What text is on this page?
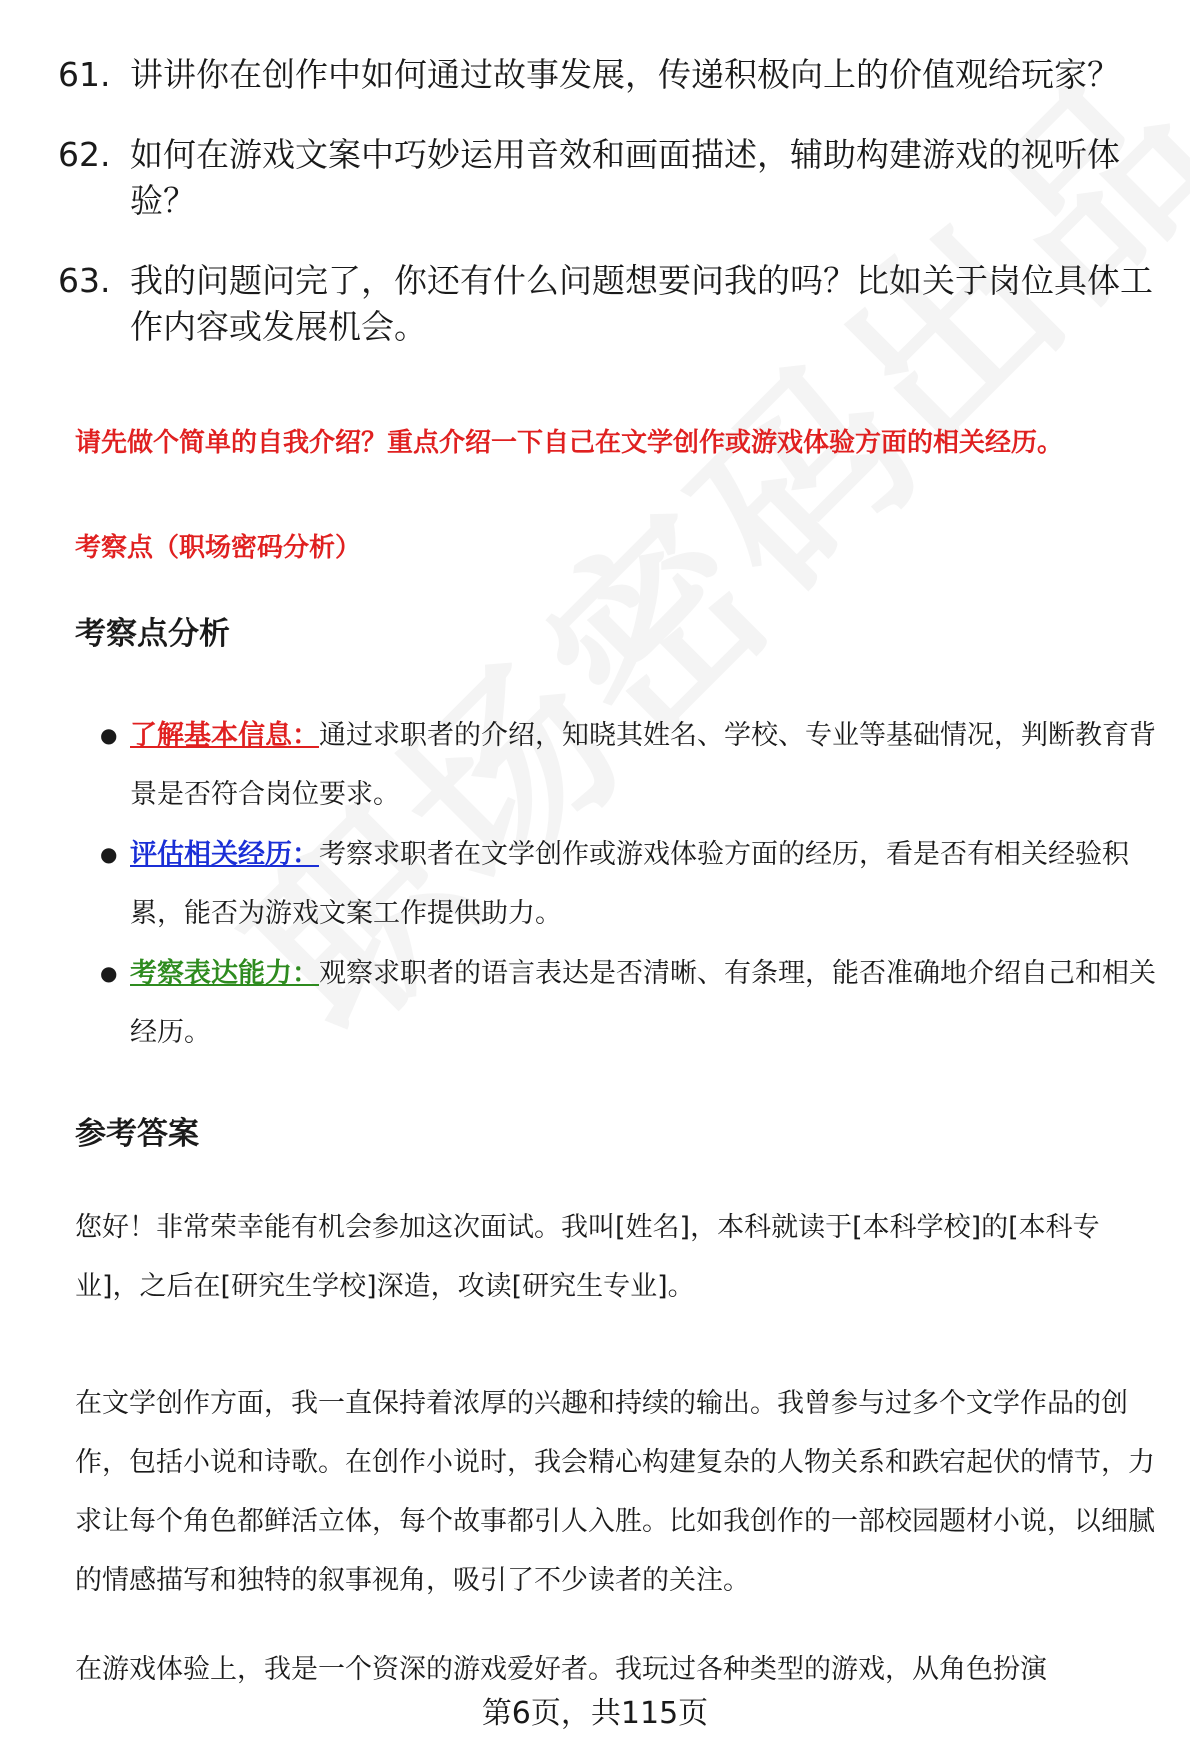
61. 讲讲你在创作中如何通过故事发展，传递积极向上的价值观给玩家？
62. 如何在游戏文案中巧妙运用音效和画面描述，辅助构建游戏的视听体验？
63. 我的问题问完了，你还有什么问题想要问我的吗？比如关于岗位具体工作内容或发展机会。
请先做个简单的自我介绍？重点介绍一下自己在文学创作或游戏体验方面的相关经历。
考察点（职场密码分析）
考察点分析
● 了解基本信息：通过求职者的介绍，知晓其姓名、学校、专业等基础情况，判断教育背景是否符合岗位要求。
● 评估相关经历：考察求职者在文学创作或游戏体验方面的经历，看是否有相关经验积累，能否为游戏文案工作提供助力。
● 考察表达能力：观察求职者的语言表达是否清晰、有条理，能否准确地介绍自己和相关经历。
参考答案

您好！非常荣幸能有机会参加这次面试。我叫[姓名]，本科就读于[本科学校]的[本科专业]，之后在[研究生学校]深造，攻读[研究生专业]。

在文学创作方面，我一直保持着浓厚的兴趣和持续的输出。我曾参与过多个文学作品的创作，包括小说和诗歌。在创作小说时，我会精心构建复杂的人物关系和跌宕起伏的情节，力求让每个角色都鲜活立体，每个故事都引人入胜。比如我创作的一部校园题材小说，以细腻的情感描写和独特的叙事视角，吸引了不少读者的关注。

在游戏体验上，我是一个资深的游戏爱好者。我玩过各种类型的游戏，从角色扮演

第6页，共115页
